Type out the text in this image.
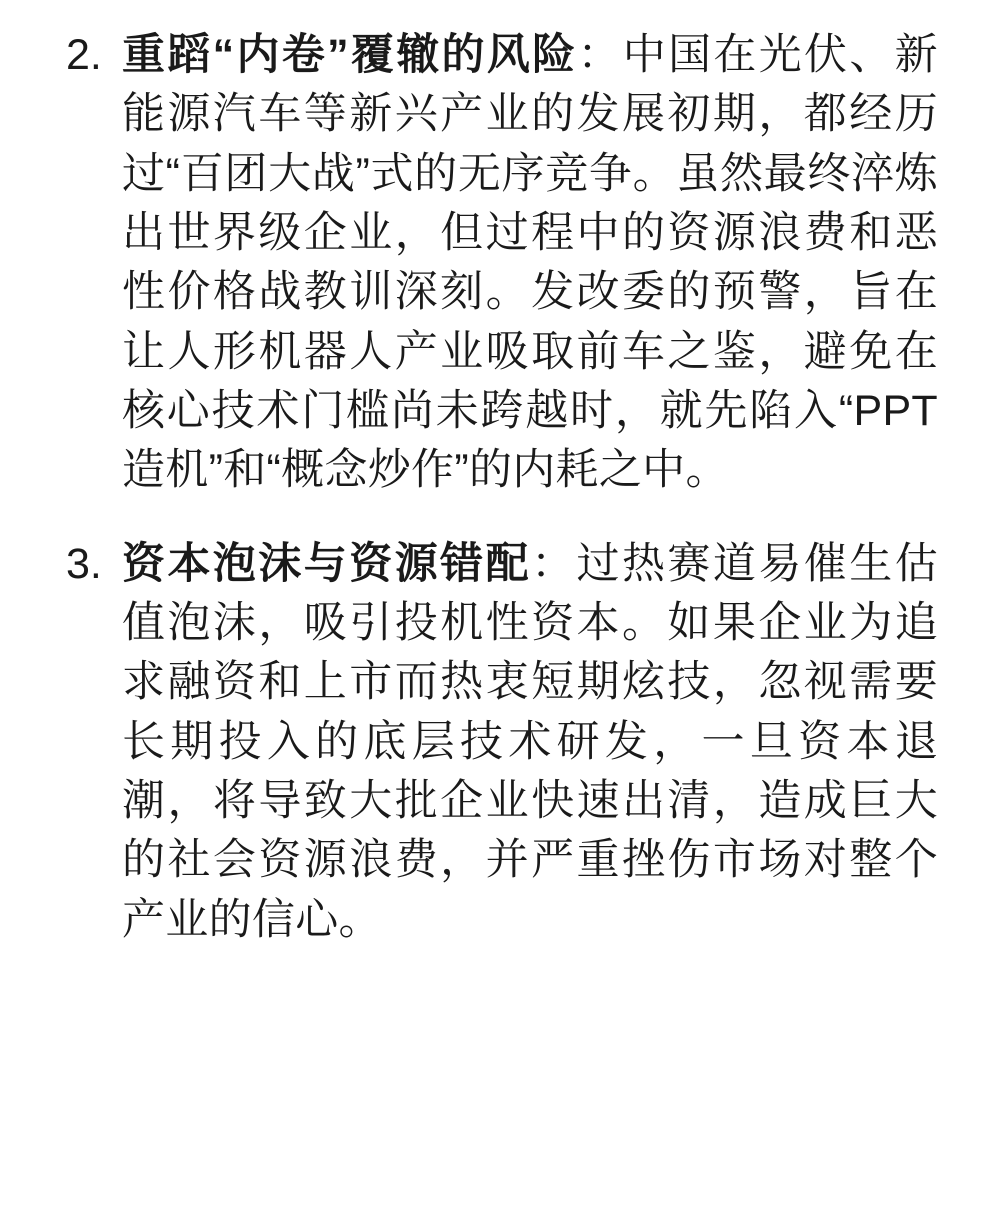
2. 重蹈“内卷”覆辙的风险：中国在光伏、新能源汽车等新兴产业的发展初期，都经历过“百团大战”式的无序竞争。虽然最终淬炼出世界级企业，但过程中的资源浪费和恶性价格战教训深刻。发改委的预警，旨在让人形机器人产业吸取前车之鉴，避免在核心技术门槛尚未跨越时，就先陷入“PPT造机”和“概念炒作”的内耗之中。
3. 资本泡沫与资源错配：过热赛道易催生估值泡沫，吸引投机性资本。如果企业为追求融资和上市而热衷短期炫技，忽视需要长期投入的底层技术研发，一旦资本退潮，将导致大批企业快速出清，造成巨大的社会资源浪费，并严重挫伤市场对整个产业的信心。
